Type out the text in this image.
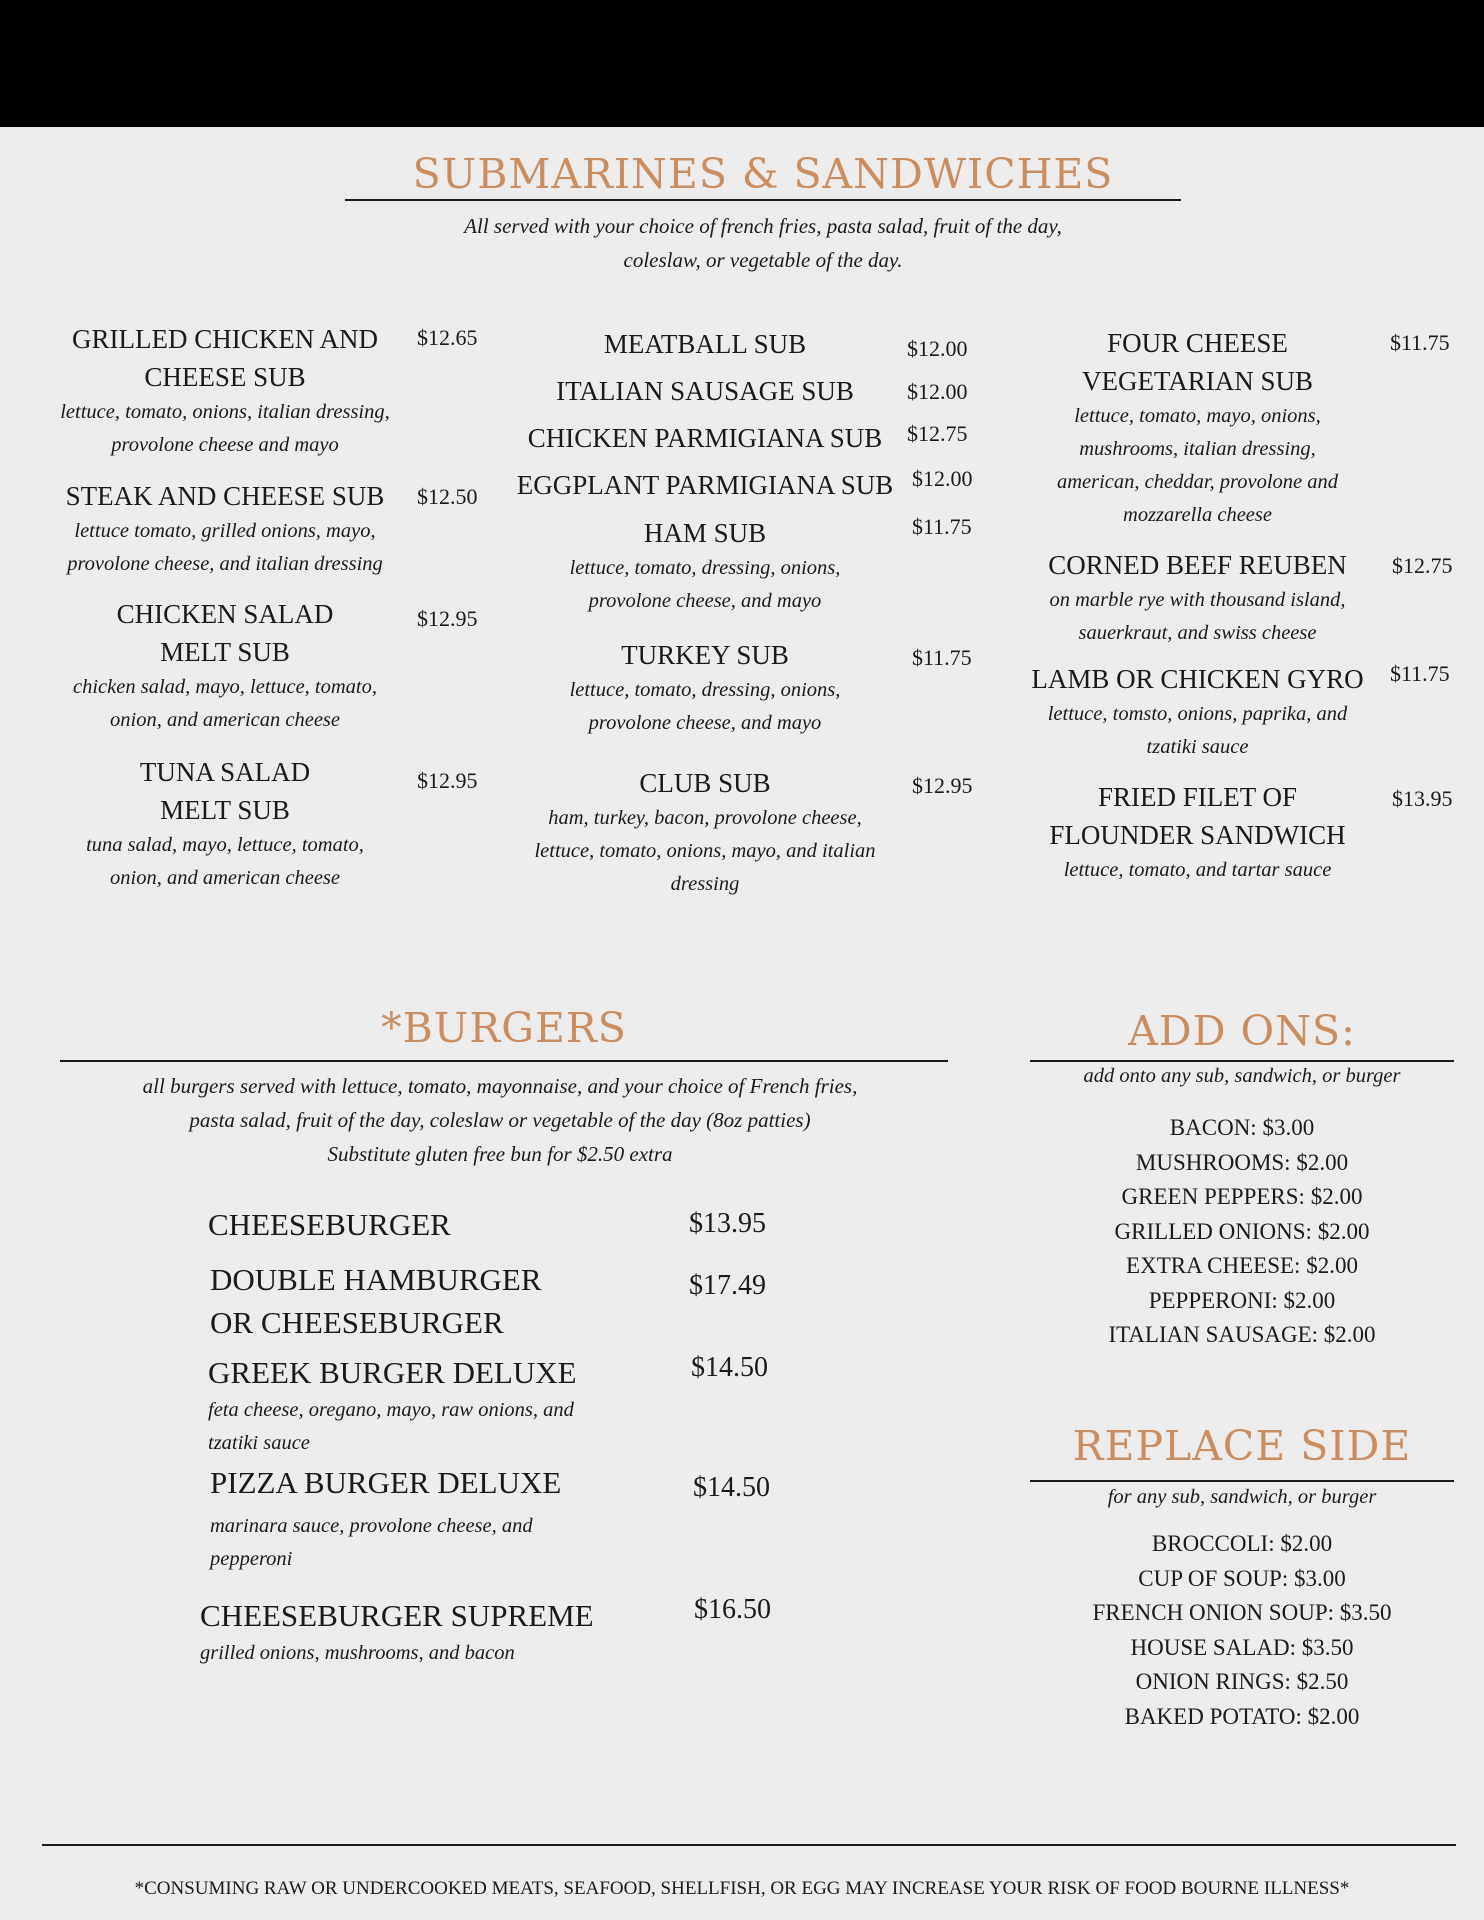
SUBMARINES & SANDWICHES
All served with your choice of french fries, pasta salad, fruit of the day,
coleslaw, or vegetable of the day.
GRILLED CHICKEN AND
CHEESE SUB
lettuce, tomato, onions, italian dressing,
provolone cheese and mayo
$12.65
STEAK AND CHEESE SUB
lettuce tomato, grilled onions, mayo,
provolone cheese, and italian dressing
$12.50
CHICKEN SALAD
MELT SUB
chicken salad, mayo, lettuce, tomato,
onion, and american cheese
$12.95
TUNA SALAD
MELT SUB
tuna salad, mayo, lettuce, tomato,
onion, and american cheese
$12.95
MEATBALL SUB	$12.00
ITALIAN SAUSAGE SUB	$12.00
CHICKEN PARMIGIANA SUB	$12.75
EGGPLANT PARMIGIANA SUB $12.00
HAM SUB
lettuce, tomato, dressing, onions,
provolone cheese, and mayo
$11.75
TURKEY SUB
lettuce, tomato, dressing, onions,
provolone cheese, and mayo
$11.75
CLUB SUB
ham, turkey, bacon, provolone cheese,
lettuce, tomato, onions, mayo, and italian
dressing
$12.95
FOUR CHEESE
VEGETARIAN SUB
lettuce, tomato, mayo, onions,
mushrooms, italian dressing,
american, cheddar, provolone and
mozzarella cheese
$11.75
CORNED BEEF REUBEN
on marble rye with thousand island,
sauerkraut, and swiss cheese
$12.75
LAMB OR CHICKEN GYRO
lettuce, tomsto, onions, paprika, and
tzatiki sauce
$11.75
FRIED FILET OF
FLOUNDER SANDWICH
lettuce, tomato, and tartar sauce
$13.95
*BURGERS
all burgers served with lettuce, tomato, mayonnaise, and your choice of French fries,
pasta salad, fruit of the day, coleslaw or vegetable of the day (8oz patties)
Substitute gluten free bun for $2.50 extra
CHEESEBURGER	$13.95
DOUBLE HAMBURGER
OR CHEESEBURGER
$17.49
GREEK BURGER DELUXE
feta cheese, oregano, mayo, raw onions, and
tzatiki sauce
$14.50
PIZZA BURGER DELUXE
marinara sauce, provolone cheese, and
pepperoni
$14.50
CHEESEBURGER SUPREME
grilled onions, mushrooms, and bacon
$16.50
ADD ONS:
add onto any sub, sandwich, or burger
BACON: $3.00
MUSHROOMS: $2.00
GREEN PEPPERS: $2.00
GRILLED ONIONS: $2.00
EXTRA CHEESE: $2.00
PEPPERONI: $2.00
ITALIAN SAUSAGE: $2.00
REPLACE SIDE
for any sub, sandwich, or burger
BROCCOLI: $2.00
CUP OF SOUP: $3.00
FRENCH ONION SOUP: $3.50
HOUSE SALAD: $3.50
ONION RINGS: $2.50
BAKED POTATO: $2.00
*CONSUMING RAW OR UNDERCOOKED MEATS, SEAFOOD, SHELLFISH, OR EGG MAY INCREASE YOUR RISK OF FOOD BOURNE ILLNESS*
